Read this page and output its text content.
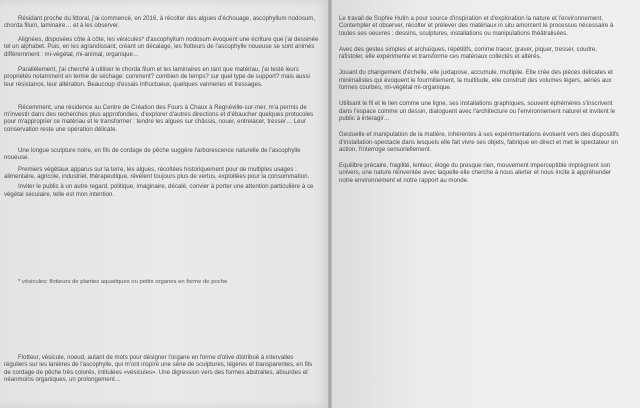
Résidant proche du littoral, j'ai commencé, en 2016, à récolter des algues d'échouage, ascophyllum nodosum, chorda filum, laminaire… et à les observer.

Alignées, disposées côte à côte, les vésicules* d'ascophyllum nodosum évoquent une écriture que j'ai dessinée tel un alphabet. Puis, en les agrandissant, créant un décalage, les flotteurs de l'ascophylle noueuse se sont animés différemment : mi-végétal, mi-animal, organique…

Parallèlement, j'ai cherché à utiliser le chorda filum et les laminaires en tant que matériau, j'ai testé leurs propriétés notamment en terme de séchage: comment? combien de temps? sur quel type de support? mais aussi leur résistance, leur altération. Beaucoup d'essais infructueux, quelques vanneries et tressages.

Récemment, une résidence au Centre de Création des Fours à Chaux à Regnéville-sur-mer, m'a permis de m'investir dans des recherches plus approfondies, d'explorer d'autres directions et d'ébaucher quelques protocoles pour m'approprier ce matériau et le transformer : tendre les algues sur châssis, nouer, entrelacer, tresser… Leur conservation reste une opération délicate.

Une longue sculpture noire, en fils de cordage de pêche suggère l'arborescence naturelle de l'ascophylle noueuse.

Premiers végétaux apparus sur la terre, les algues, récoltées historiquement pour de multiples usages : alimentaire, agricole, industriel, thérapeutique, révèlent toujours plus de vertus, exploitées pour la consommation.

Inviter le public à un autre regard, politique, imaginaire, décalé, convier à porter une attention particulière à ce végétal séculaire, telle est mon intention.

* vésicules: flotteurs de plantes aquatiques ou petits organes en forme de poche

Flotteur, vésicule, noeud, autant de mots pour désigner l'organe en forme d'olive distribué à intervalles réguliers sur les lanières de l'ascophylle, qui m'ont inspiré une série de sculptures, légères et transparentes, en fils de cordage de pêche très colorés, intitulées «vésicules». Une digression vers des formes abstraites, absurdes et néanmoins organiques, un prolongement…

Le travail de Sophie Hutin a pour source d'inspiration et d'exploration la nature et l'environnement.

Contempler et observer, récolter et prélever des matériaux in situ amorcent le processus nécessaire à toutes ses oeuvres : dessins, sculptures, installations ou manipulations théâtralisées.

Avec des gestes simples et archaïques, répétitifs, comme tracer, graver, piquer, tresser, coudre, rafistoler, elle expérimente et transforme ces matériaux collectés et altérés.

Jouant du changement d'échelle, elle juxtapose, accumule, multiplie. Elle crée des pièces délicates et minimalistes qui évoquent le fourmillement, la multitude, elle construit des volumes légers, aériés aux formes courbes, mi-végétal mi-organique.

Utilisant le fil et le lien comme une ligne, ses installations graphiques, souvent éphémères s'inscrivent dans l'espace comme un dessin, dialoguent avec l'architecture ou l'environnement naturel et invitent le public à interagir…

Gestuelle et manipulation de la matière, inhérentes à ses expérimentations évoluent vers des dispositifs d'installation-spectacle dans lesquels elle fait vivre ses objets, fabrique en direct et met le spectateur en action, l'interroge sensoriellement.

Equilibre précaire, fragilité, lenteur, éloge du presque rien, mouvement imperceptible imprègnent son univers, une nature réinventée avec laquelle elle cherche à nous alerter et nous incite à appréhender notre environnement et notre rapport au monde.
